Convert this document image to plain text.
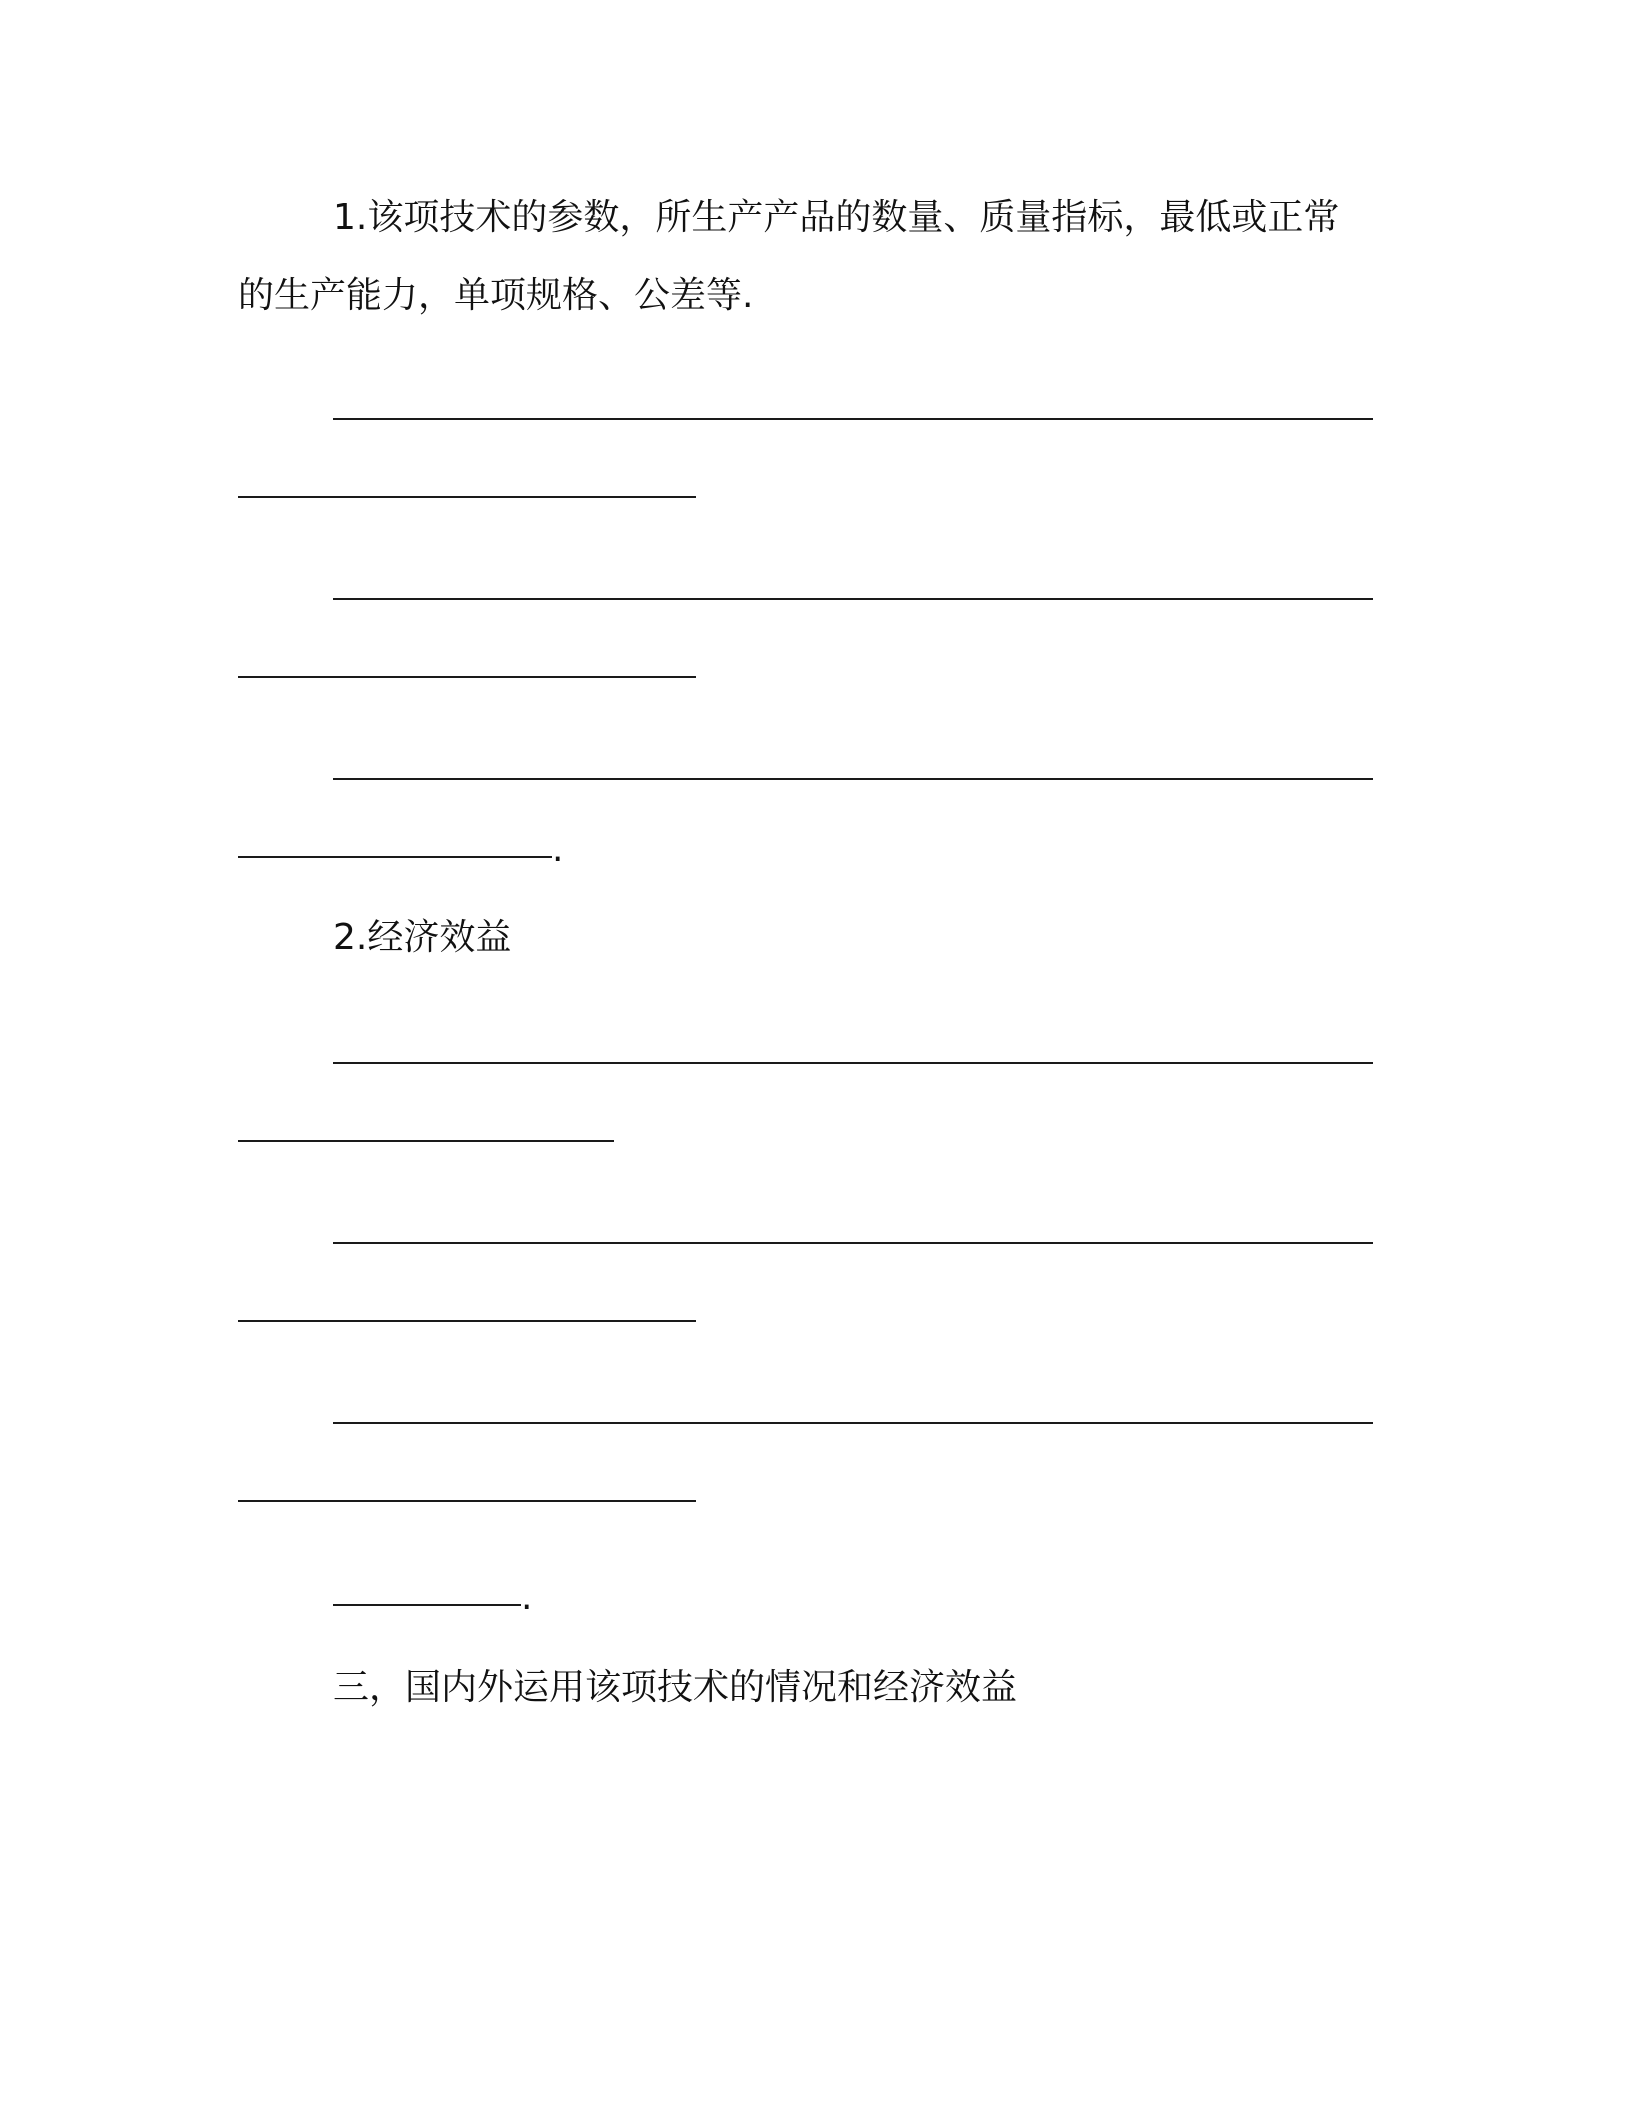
1.该项技术的参数，所生产产品的数量、质量指标，最低或正常
的生产能力，单项规格、公差等.
.
2.经济效益
.
三，国内外运用该项技术的情况和经济效益
